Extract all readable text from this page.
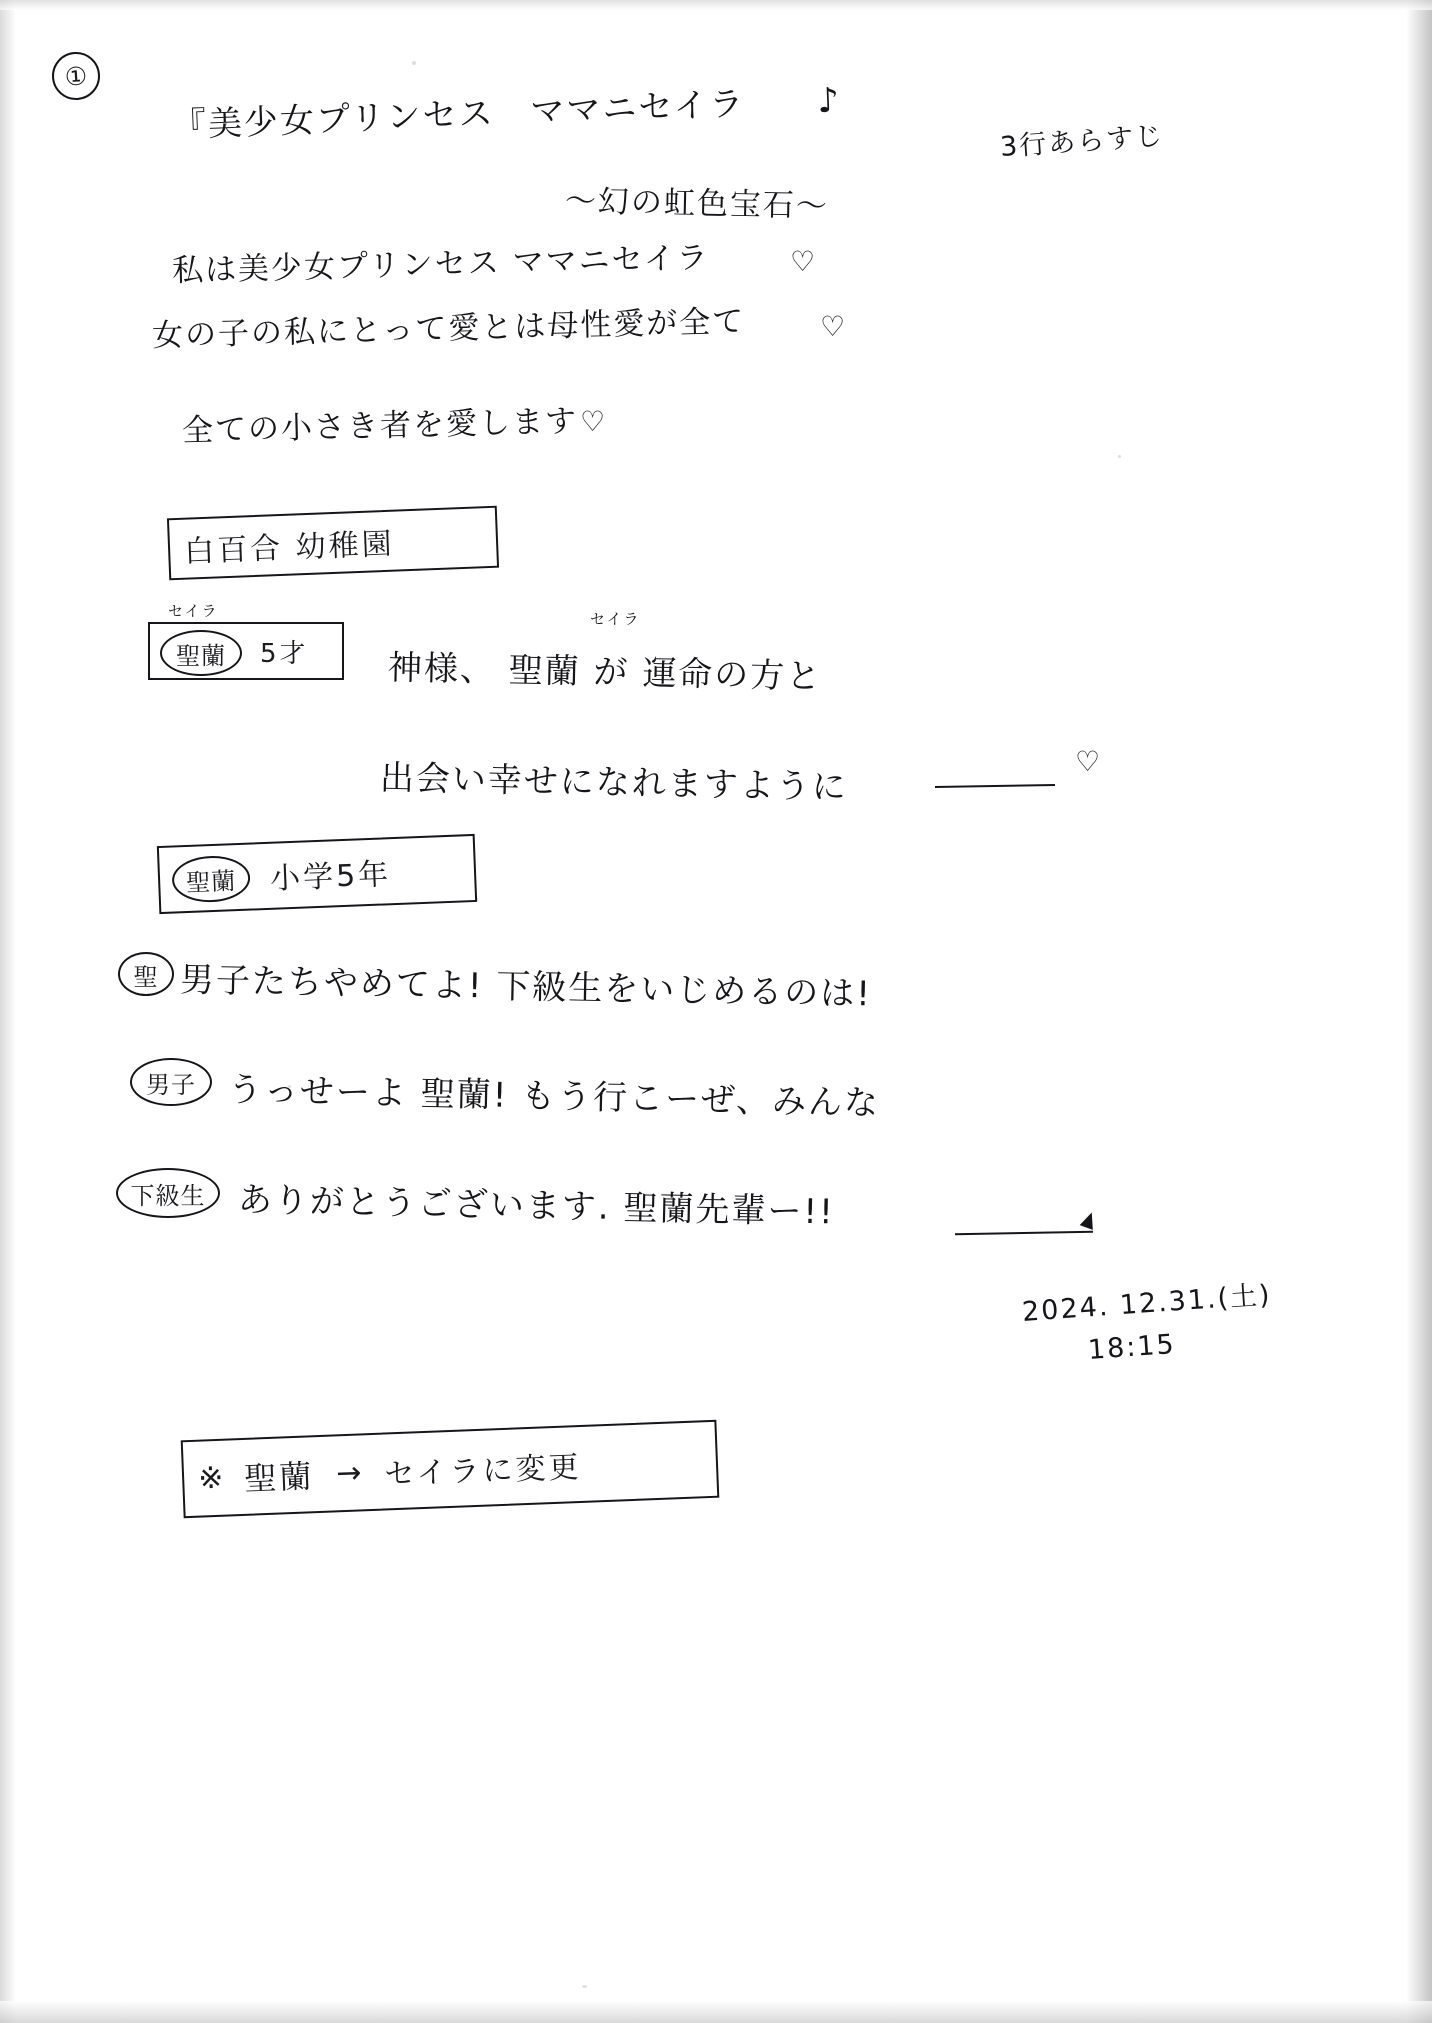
①
『美少女プリンセス　ママニセイラ　　♪	3行あらすじ
〜幻の虹色宝石〜
私は美少女プリンセス ママニセイラ	♡
女の子の私にとって愛とは母性愛が全て	♡
全ての小さき者を愛します ♡
白百合 幼稚園
セイラ
聖蘭	5才
セイラ
神様、 聖蘭 が 運命の方と
出会い幸せになれますように	♡
聖蘭	小学5年
聖 男子たちやめてよ! 下級生をいじめるのは!
男子 うっせーよ 聖蘭! もう行こーぜ、みんな
下級生 ありがとうございます. 聖蘭先輩ー!!
2024. 12.31.(土)
18:15
※ 聖蘭 → セイラに変更
